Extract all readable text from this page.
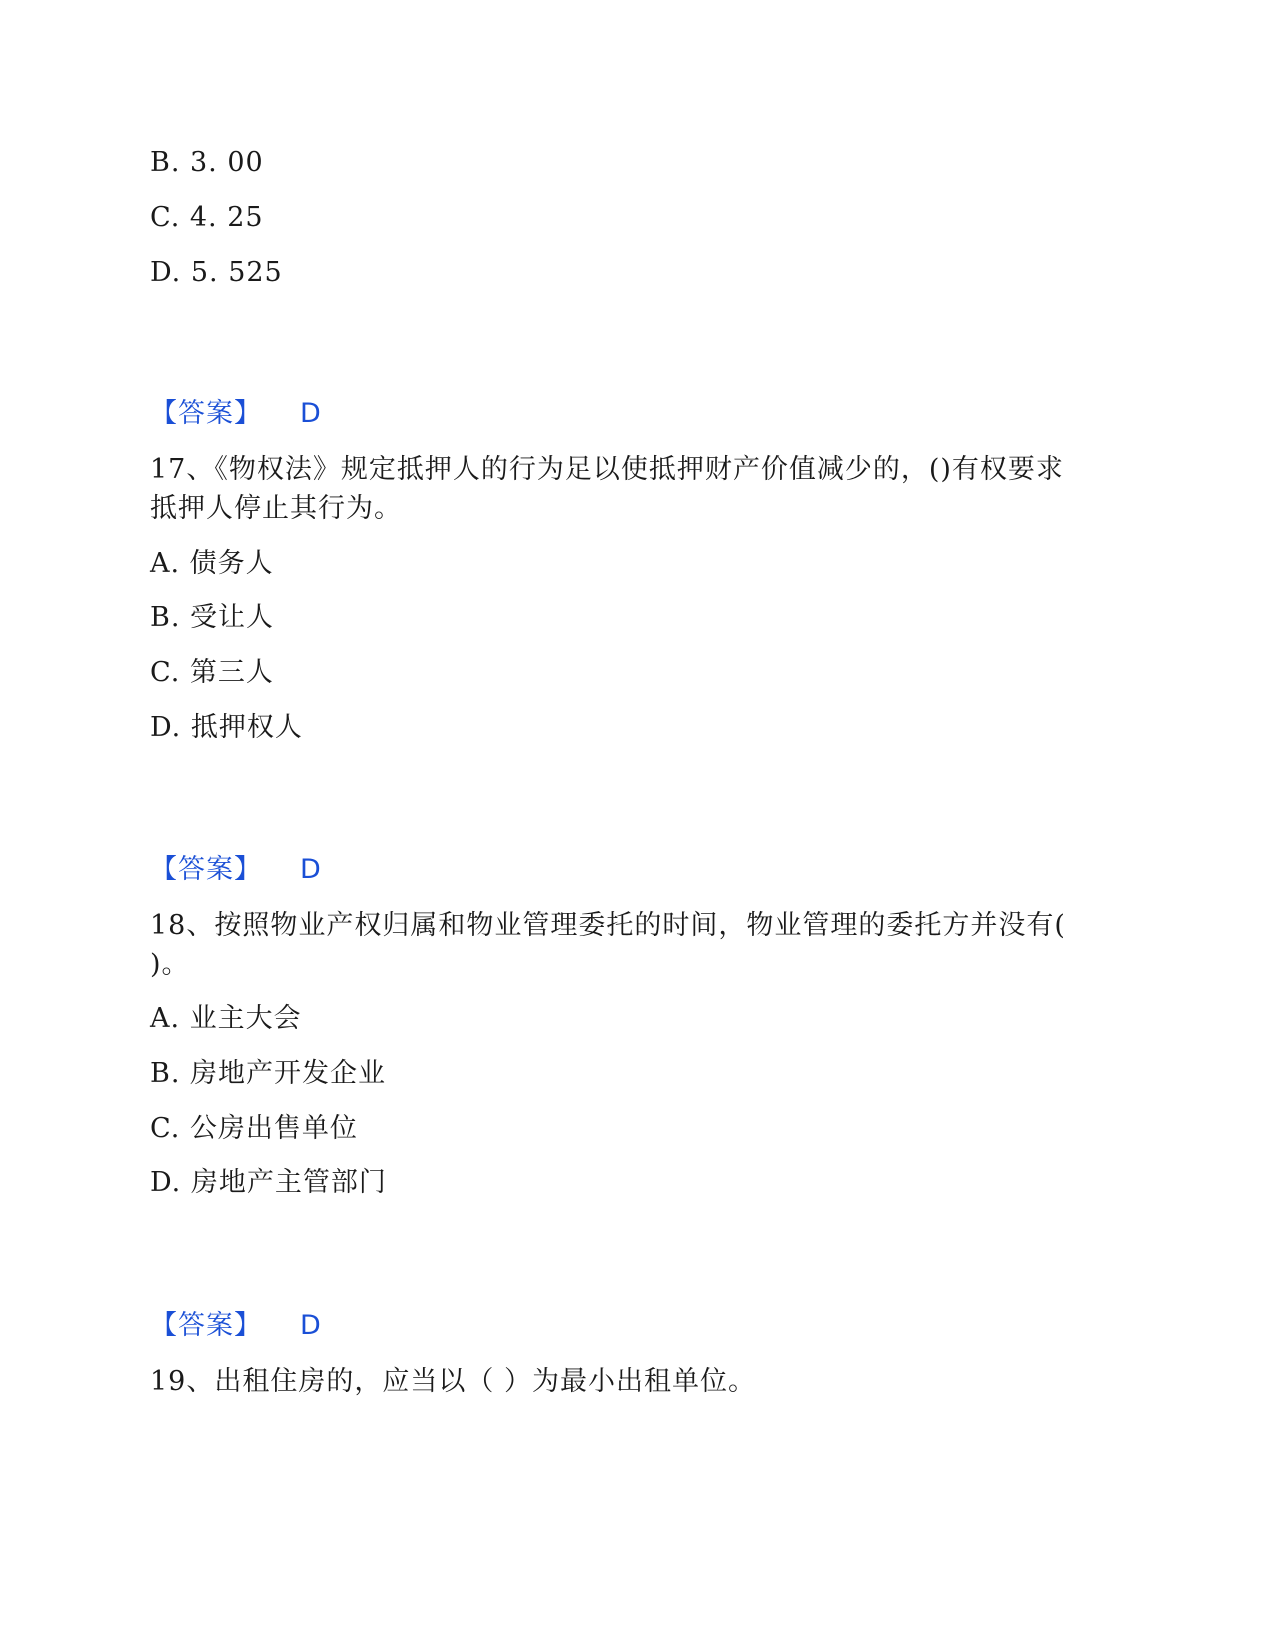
B. 3. 00
C. 4. 25
D. 5. 525
【答案】 D
17、《物权法》规定抵押人的行为足以使抵押财产价值减少的，()有权要求
抵押人停止其行为。
A. 债务人
B. 受让人
C. 第三人
D. 抵押权人
【答案】 D
18、按照物业产权归属和物业管理委托的时间，物业管理的委托方并没有(
)。
A. 业主大会
B. 房地产开发企业
C. 公房出售单位
D. 房地产主管部门
【答案】 D
19、出租住房的，应当以（ ）为最小出租单位。
